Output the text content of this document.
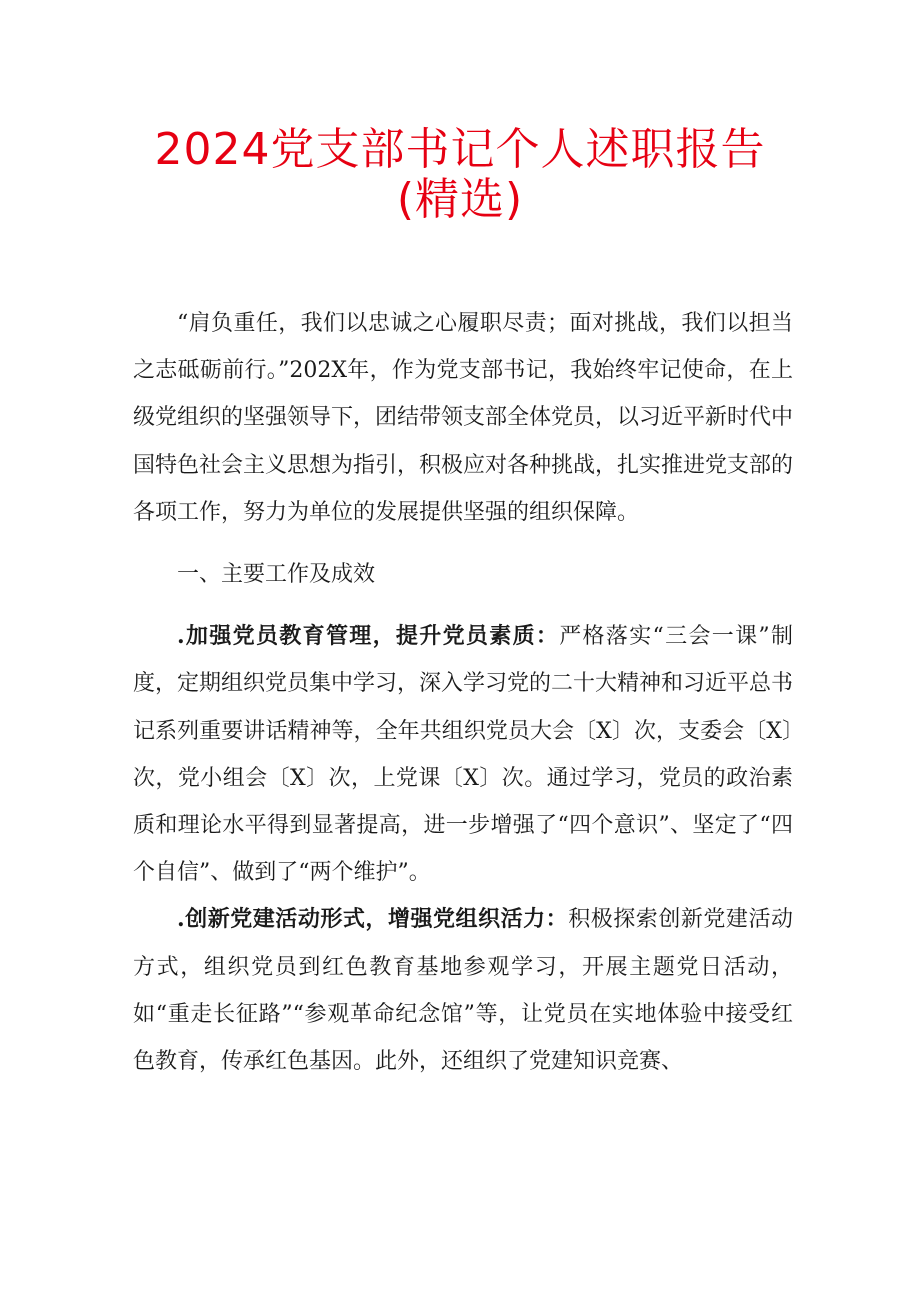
2024党支部书记个人述职报告
(精选)

“肩负重任，我们以忠诚之心履职尽责；面对挑战，我们以担当之志砥砺前行。”202X年，作为党支部书记，我始终牢记使命，在上级党组织的坚强领导下，团结带领支部全体党员，以习近平新时代中国特色社会主义思想为指引，积极应对各种挑战，扎实推进党支部的各项工作，努力为单位的发展提供坚强的组织保障。

一、主要工作及成效

.加强党员教育管理，提升党员素质：严格落实“三会一课”制度，定期组织党员集中学习，深入学习党的二十大精神和习近平总书记系列重要讲话精神等，全年共组织党员大会〔X〕次，支委会〔X〕次，党小组会〔X〕次，上党课〔X〕次。通过学习，党员的政治素质和理论水平得到显著提高，进一步增强了“四个意识”、坚定了“四个自信”、做到了“两个维护”。

.创新党建活动形式，增强党组织活力：积极探索创新党建活动方式，组织党员到红色教育基地参观学习，开展主题党日活动，如“重走长征路”“参观革命纪念馆”等，让党员在实地体验中接受红色教育，传承红色基因。此外，还组织了党建知识竞赛、
